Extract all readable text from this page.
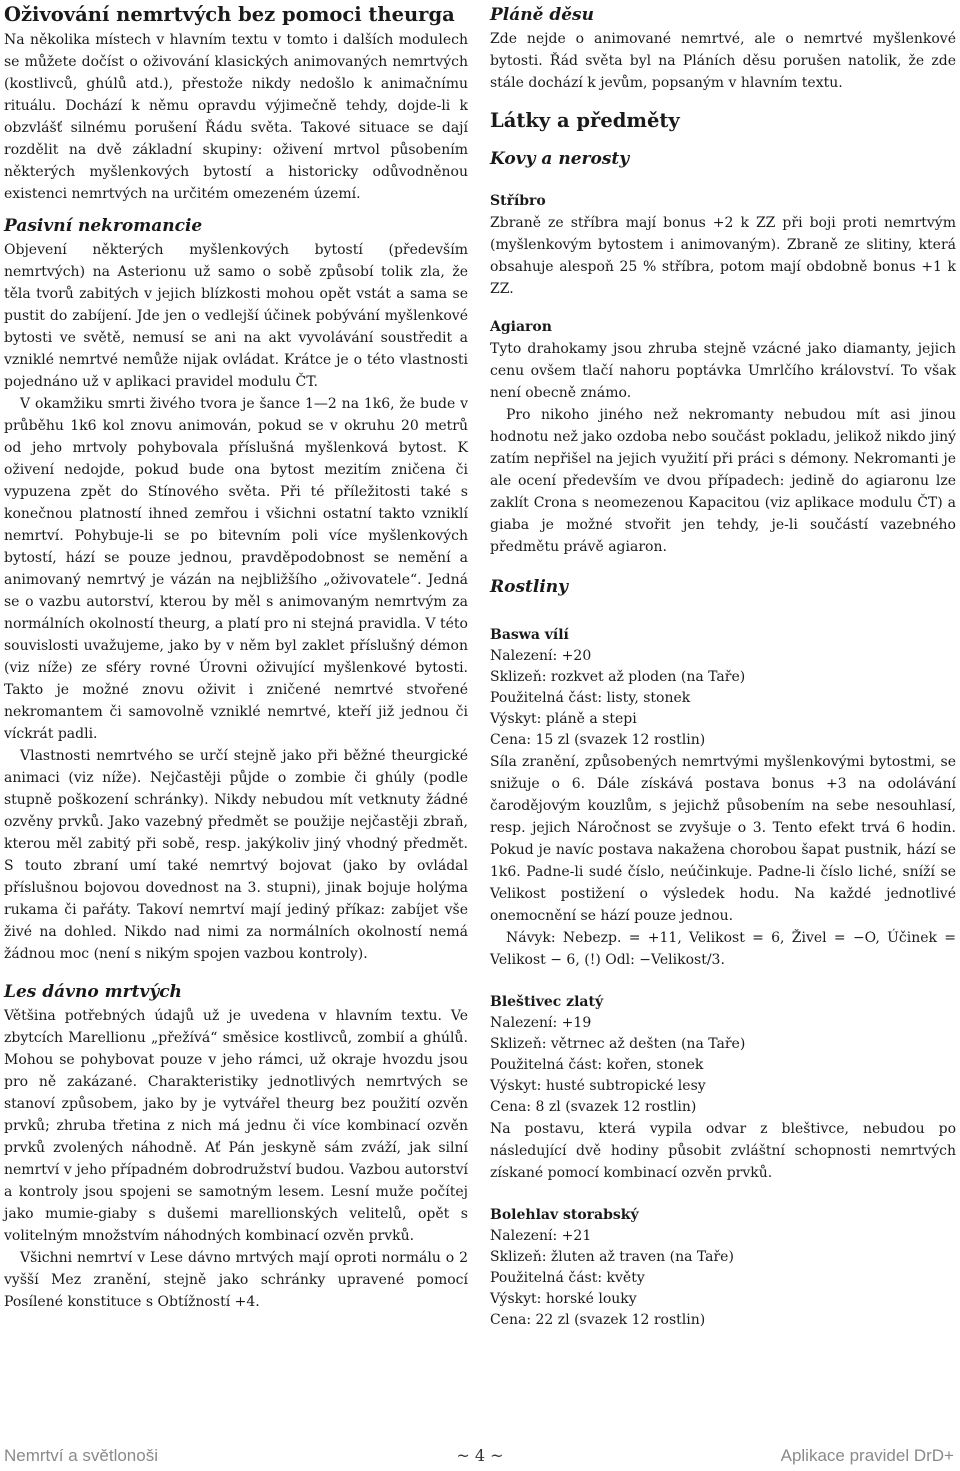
Oživování nemrtvých bez pomoci theurga

Na několika místech v hlavním textu v tomto i dalších modulech se můžete dočíst o oživování klasických animovaných nemrtvých (kostlivců, ghúlů atd.), přestože nikdy nedošlo k animačnímu rituálu. Dochází k němu opravdu výjimečně tehdy, dojde-li k obzvlášť silnému porušení Řádu světa. Takové situace se dají rozdělit na dvě základní skupiny: oživení mrtvol působením některých myšlenkových bytostí a historicky odůvodněnou existenci nemrtvých na určitém omezeném území.

Pasivní nekromancie

Objevení některých myšlenkových bytostí (především nemrtvých) na Asterionu už samo o sobě způsobí tolik zla, že těla tvorů zabitých v jejich blízkosti mohou opět vstát a sama se pustit do zabíjení. Jde jen o vedlejší účinek pobývání myšlenkové bytosti ve světě, nemusí se ani na akt vyvolávání soustředit a vzniklé nemrtvé nemůže nijak ovládat. Krátce je o této vlastnosti pojednáno už v aplikaci pravidel modulu ČT.

V okamžiku smrti živého tvora je šance 1—2 na 1k6, že bude v průběhu 1k6 kol znovu animován, pokud se v okruhu 20 metrů od jeho mrtvoly pohybovala příslušná myšlenková bytost. K oživení nedojde, pokud bude ona bytost mezitím zničena či vypuzena zpět do Stínového světa. Při té příležitosti také s konečnou platností ihned zemřou i všichni ostatní takto vzniklí nemrtví. Pohybuje-li se po bitevním poli více myšlenkových bytostí, hází se pouze jednou, pravděpodobnost se nemění a animovaný nemrtvý je vázán na nejbližšího „oživovatele“. Jedná se o vazbu autorství, kterou by měl s animovaným nemrtvým za normálních okolností theurg, a platí pro ni stejná pravidla. V této souvislosti uvažujeme, jako by v něm byl zaklet příslušný démon (viz níže) ze sféry rovné Úrovni oživující myšlenkové bytosti. Takto je možné znovu oživit i zničené nemrtvé stvořené nekromantem či samovolně vzniklé nemrtvé, kteří již jednou či víckrát padli.

Vlastnosti nemrtvého se určí stejně jako při běžné theurgické animaci (viz níže). Nejčastěji půjde o zombie či ghúly (podle stupně poškození schránky). Nikdy nebudou mít vetknuty žádné ozvěny prvků. Jako vazebný předmět se použije nejčastěji zbraň, kterou měl zabitý při sobě, resp. jakýkoliv jiný vhodný předmět. S touto zbraní umí také nemrtvý bojovat (jako by ovládal příslušnou bojovou dovednost na 3. stupni), jinak bojuje holýma rukama či pařáty. Takoví nemrtví mají jediný příkaz: zabíjet vše živé na dohled. Nikdo nad nimi za normálních okolností nemá žádnou moc (není s nikým spojen vazbou kontroly).

Les dávno mrtvých

Většina potřebných údajů už je uvedena v hlavním textu. Ve zbytcích Marellionu „přežívá“ směsice kostlivců, zombií a ghúlů. Mohou se pohybovat pouze v jeho rámci, už okraje hvozdu jsou pro ně zakázané. Charakteristiky jednotlivých nemrtvých se stanoví způsobem, jako by je vytvářel theurg bez použití ozvěn prvků; zhruba třetina z nich má jednu či více kombinací ozvěn prvků zvolených náhodně. Ať Pán jeskyně sám zváží, jak silní nemrtví v jeho případném dobrodružství budou. Vazbou autorství a kontroly jsou spojeni se samotným lesem. Lesní muže počítej jako mumie-giaby s dušemi marellionských velitelů, opět s volitelným množstvím náhodných kombinací ozvěn prvků.

Všichni nemrtví v Lese dávno mrtvých mají oproti normálu o 2 vyšší Mez zranění, stejně jako schránky upravené pomocí Posílené konstituce s Obtížností +4.

Pláně děsu

Zde nejde o animované nemrtvé, ale o nemrtvé myšlenkové bytosti. Řád světa byl na Pláních děsu porušen natolik, že zde stále dochází k jevům, popsaným v hlavním textu.

Látky a předměty
Kovy a nerosty
Stříbro

Zbraně ze stříbra mají bonus +2 k ZZ při boji proti nemrtvým (myšlenkovým bytostem i animovaným). Zbraně ze slitiny, která obsahuje alespoň 25 % stříbra, potom mají obdobně bonus +1 k ZZ.

Agiaron

Tyto drahokamy jsou zhruba stejně vzácné jako diamanty, jejich cenu ovšem tlačí nahoru poptávka Umrlčího království. To však není obecně známo.

Pro nikoho jiného než nekromanty nebudou mít asi jinou hodnotu než jako ozdoba nebo součást pokladu, jelikož nikdo jiný zatím nepřišel na jejich využití při práci s démony. Nekromanti je ale ocení především ve dvou případech: jedině do agiaronu lze zaklít Crona s neomezenou Kapacitou (viz aplikace modulu ČT) a giaba je možné stvořit jen tehdy, je-li součástí vazebného předmětu právě agiaron.

Rostliny
Baswa vílí
Nalezení: +20
Sklizeň: rozkvet až ploden (na Taře)
Použitelná část: listy, stonek
Výskyt: pláně a stepi
Cena: 15 zl (svazek 12 rostlin)

Síla zranění, způsobených nemrtvými myšlenkovými bytostmi, se snižuje o 6. Dále získává postava bonus +3 na odolávání čarodějovým kouzlům, s jejichž působením na sebe nesouhlasí, resp. jejich Náročnost se zvyšuje o 3. Tento efekt trvá 6 hodin. Pokud je navíc postava nakažena chorobou šapat pustnik, hází se 1k6. Padne-li sudé číslo, neúčinkuje. Padne-li číslo liché, sníží se Velikost postižení o výsledek hodu. Na každé jednotlivé onemocnění se hází pouze jednou.

Návyk: Nebezp. = +11, Velikost = 6, Živel = −O, Účinek = Velikost − 6, (!) Odl: −Velikost/3.

Bleštivec zlatý
Nalezení: +19
Sklizeň: větrnec až dešten (na Taře)
Použitelná část: kořen, stonek
Výskyt: husté subtropické lesy
Cena: 8 zl (svazek 12 rostlin)

Na postavu, která vypila odvar z bleštivce, nebudou po následující dvě hodiny působit zvláštní schopnosti nemrtvých získané pomocí kombinací ozvěn prvků.

Bolehlav storabský
Nalezení: +21
Sklizeň: žluten až traven (na Taře)
Použitelná část: květy
Výskyt: horské louky
Cena: 22 zl (svazek 12 rostlin)
Nemrtví a světlonoši	~ 4 ~	Aplikace pravidel DrD+
